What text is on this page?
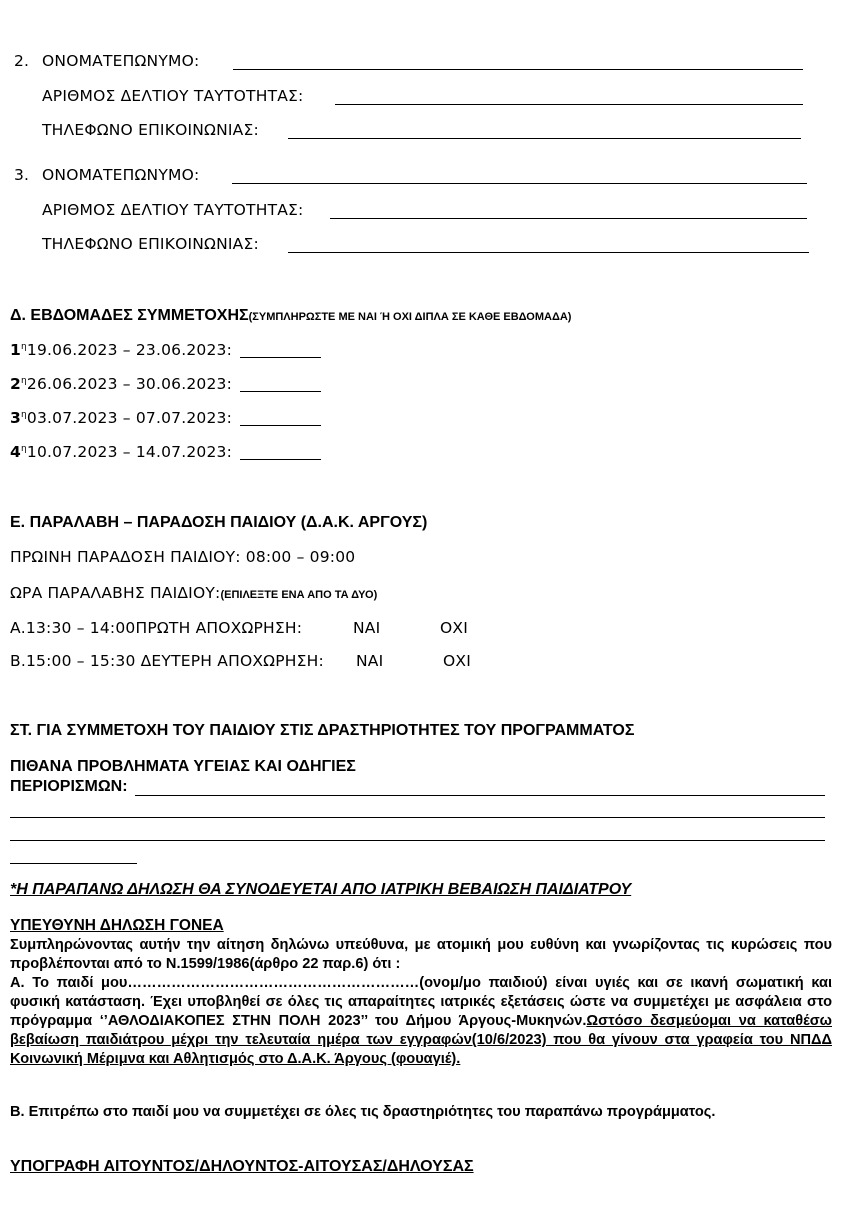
2. ΟΝΟΜΑΤΕΠΩΝΥΜΟ:
ΑΡΙΘΜΟΣ ΔΕΛΤΙΟΥ ΤΑΥΤΟΤΗΤΑΣ:
ΤΗΛΕΦΩΝΟ ΕΠΙΚΟΙΝΩΝΙΑΣ:
3. ΟΝΟΜΑΤΕΠΩΝΥΜΟ:
ΑΡΙΘΜΟΣ ΔΕΛΤΙΟΥ ΤΑΥΤΟΤΗΤΑΣ:
ΤΗΛΕΦΩΝΟ ΕΠΙΚΟΙΝΩΝΙΑΣ:
Δ. ΕΒΔΟΜΑΔΕΣ ΣΥΜΜΕΤΟΧΗΣ(ΣΥΜΠΛΗΡΩΣΤΕ ΜΕ ΝΑΙ Ή ΟΧΙ ΔΙΠΛΑ ΣΕ ΚΑΘΕ ΕΒΔΟΜΑΔΑ)
$1^\eta 19.06.2023 - 23.06.2023$:
$2^\eta 26.06.2023 - 30.06.2023$:
$3^\eta 03.07.2023 - 07.07.2023$:
$4^\eta 10.07.2023 - 14.07.2023$:
Ε. ΠΑΡΑΛΑΒΗ – ΠΑΡΑΔΟΣΗ ΠΑΙΔΙΟΥ (Δ.Α.Κ. ΑΡΓΟΥΣ)
ΠΡΩΙΝΗ ΠΑΡΑΔΟΣΗ ΠΑΙΔΙΟΥ: 08:00 – 09:00
ΩΡΑ ΠΑΡΑΛΑΒΗΣ ΠΑΙΔΙΟΥ:(ΕΠΙΛΕΞΤΕ ΕΝΑ ΑΠΟ ΤΑ ΔΥΟ)
Α.13:30 – 14:00ΠΡΩΤΗ ΑΠΟΧΩΡΗΣΗ:	ΝΑΙ	ΟΧΙ
Β.15:00 – 15:30 ΔΕΥΤΕΡΗ ΑΠΟΧΩΡΗΣΗ: ΝΑΙ	ΟΧΙ
ΣΤ. ΓΙΑ ΣΥΜΜΕΤΟΧΗ ΤΟΥ ΠΑΙΔΙΟΥ ΣΤΙΣ ΔΡΑΣΤΗΡΙΟΤΗΤΕΣ ΤΟΥ ΠΡΟΓΡΑΜΜΑΤΟΣ
ΠΙΘΑΝΑ ΠΡΟΒΛΗΜΑΤΑ ΥΓΕΙΑΣ ΚΑΙ ΟΔΗΓΙΕΣ
ΠΕΡΙΟΡΙΣΜΩΝ:
*Η ΠΑΡΑΠΑΝΩ ΔΗΛΩΣΗ ΘΑ ΣΥΝΟΔΕΥΕΤΑΙ ΑΠΟ ΙΑΤΡΙΚΗ ΒΕΒΑΙΩΣΗ ΠΑΙΔΙΑΤΡΟΥ
ΥΠΕΥΘΥΝΗ ΔΗΛΩΣΗ ΓΟΝΕΑ
Συμπληρώνοντας αυτήν την αίτηση δηλώνω υπεύθυνα, με ατομική μου ευθύνη και γνωρίζοντας τις κυρώσεις που προβλέπονται από το Ν.1599/1986(άρθρο 22 παρ.6) ότι :
Α. Το παιδί μου……………………………………………………(ονομ/μο παιδιού) είναι υγιές και σε ικανή σωματική και φυσική κατάσταση. Έχει υποβληθεί σε όλες τις απαραίτητες ιατρικές εξετάσεις ώστε να συμμετέχει με ασφάλεια στο πρόγραμμα ‘’ΑΘΛΟΔΙΑΚΟΠΕΣ ΣΤΗΝ ΠΟΛΗ 2023’’ του Δήμου Άργους-Μυκηνών.Ωστόσο δεσμεύομαι να καταθέσω βεβαίωση παιδιάτρου μέχρι την τελευταία ημέρα των εγγραφών(10/6/2023) που θα γίνουν στα γραφεία του ΝΠΔΔ Κοινωνική Μέριμνα και Αθλητισμός στο Δ.Α.Κ. Άργους (φουαγιέ).
Β. Επιτρέπω στο παιδί μου να συμμετέχει σε όλες τις δραστηριότητες του παραπάνω προγράμματος.
ΥΠΟΓΡΑΦΗ ΑΙΤΟΥΝΤΟΣ/ΔΗΛΟΥΝΤΟΣ-ΑΙΤΟΥΣΑΣ/ΔΗΛΟΥΣΑΣ
